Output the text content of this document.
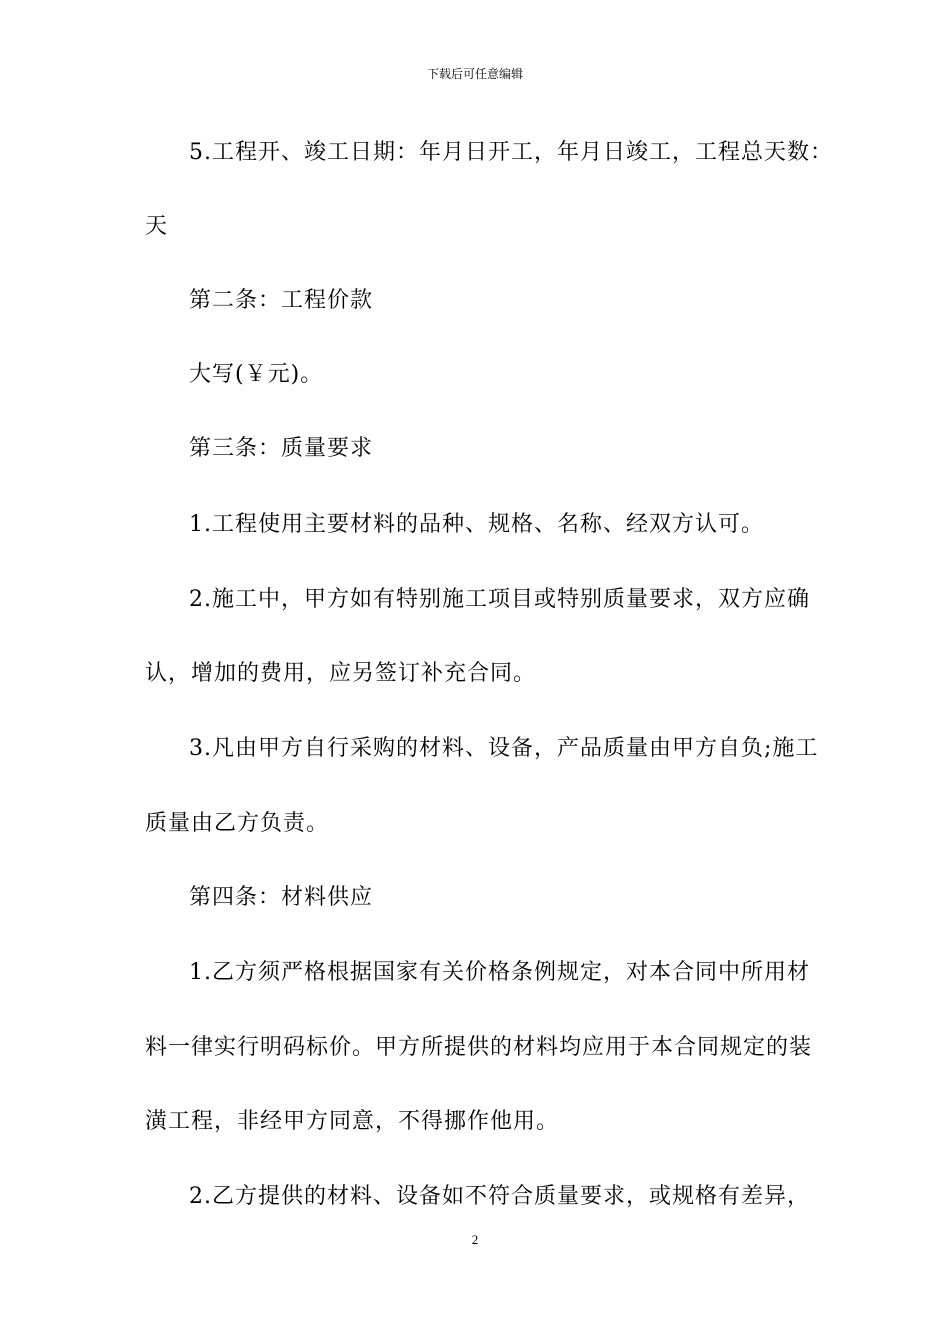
下载后可任意编辑
5.工程开、竣工日期：年月日开工，年月日竣工，工程总天数：
天
第二条：工程价款
大写(￥元)。
第三条：质量要求
1.工程使用主要材料的品种、规格、名称、经双方认可。
2.施工中，甲方如有特别施工项目或特别质量要求，双方应确
认，增加的费用，应另签订补充合同。
3.凡由甲方自行采购的材料、设备，产品质量由甲方自负;施工
质量由乙方负责。
第四条：材料供应
1.乙方须严格根据国家有关价格条例规定，对本合同中所用材
料一律实行明码标价。甲方所提供的材料均应用于本合同规定的装
潢工程，非经甲方同意，不得挪作他用。
2.乙方提供的材料、设备如不符合质量要求，或规格有差异，
2
